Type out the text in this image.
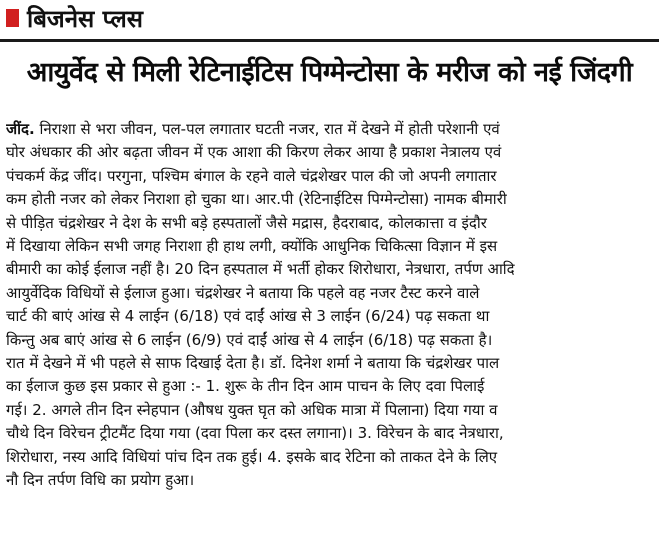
बिजनेस प्लस
आयुर्वेद से मिली रेटिनाईटिस पिग्मेन्टोसा के मरीज को नई जिंदगी
जींद. निराशा से भरा जीवन, पल-पल लगातार घटती नजर, रात में देखने में होती परेशानी एवं
घोर अंधकार की ओर बढ़ता जीवन में एक आशा की किरण लेकर आया है प्रकाश नेत्रालय एवं
पंचकर्म केंद्र जींद। परगुना, पश्चिम बंगाल के रहने वाले चंद्रशेखर पाल की जो अपनी लगातार
कम होती नजर को लेकर निराशा हो चुका था। आर.पी (रेटिनाईटिस पिग्मेन्टोसा) नामक बीमारी
से पीड़ित चंद्रशेखर ने देश के सभी बड़े हस्पतालों जैसे मद्रास, हैदराबाद, कोलकात्ता व इंदौर
में दिखाया लेकिन सभी जगह निराशा ही हाथ लगी, क्योंकि आधुनिक चिकित्सा विज्ञान में इस
बीमारी का कोई ईलाज नहीं है। 20 दिन हस्पताल में भर्ती होकर शिरोधारा, नेत्रधारा, तर्पण आदि
आयुर्वेदिक विधियों से ईलाज हुआ। चंद्रशेखर ने बताया कि पहले वह नजर टैस्ट करने वाले
चार्ट की बाएं आंख से 4 लाईन (6/18) एवं दाईं आंख से 3 लाईन (6/24) पढ़ सकता था
किन्तु अब बाएं आंख से 6 लाईन (6/9) एवं दाईं आंख से 4 लाईन (6/18) पढ़ सकता है।
रात में देखने में भी पहले से साफ दिखाई देता है। डॉ. दिनेश शर्मा ने बताया कि चंद्रशेखर पाल
का ईलाज कुछ इस प्रकार से हुआ :- 1. शुरू के तीन दिन आम पाचन के लिए दवा पिलाई
गई। 2. अगले तीन दिन स्नेहपान (औषध युक्त घृत को अधिक मात्रा में पिलाना) दिया गया व
चौथे दिन विरेचन ट्रीटमैंट दिया गया (दवा पिला कर दस्त लगाना)। 3. विरेचन के बाद नेत्रधारा,
शिरोधारा, नस्य आदि विधियां पांच दिन तक हुई। 4. इसके बाद रेटिना को ताकत देने के लिए
नौ दिन तर्पण विधि का प्रयोग हुआ।
